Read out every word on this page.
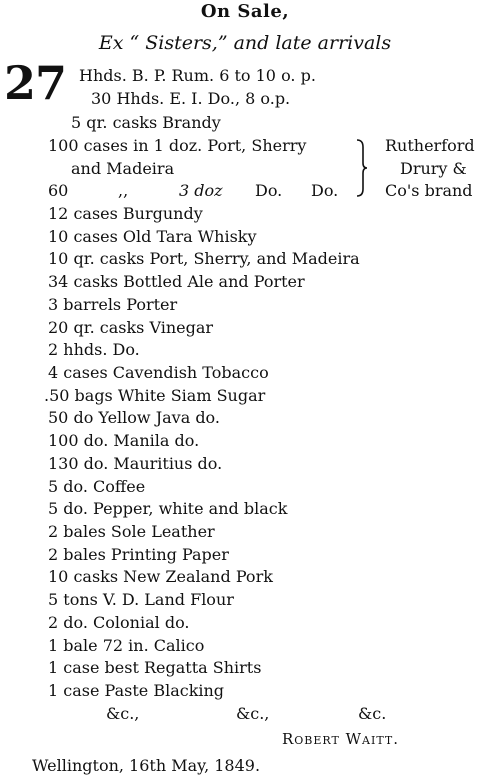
On Sale,
Ex “ Sisters,” and late arrivals
27 Hhds. B. P. Rum. 6 to 10 o. p.
30 Hhds. E. I. Do., 8 o.p.
5 qr. casks Brandy
100 cases in 1 doz. Port, Sherry
and Madeira
60	,,	3 doz Do. Do.
Rutherford
Drury &
Co's brand
12 cases Burgundy
10 cases Old Tara Whisky
10 qr. casks Port, Sherry, and Madeira
34 casks Bottled Ale and Porter
3 barrels Porter
20 qr. casks Vinegar
2 hhds. Do.
4 cases Cavendish Tobacco
.50 bags White Siam Sugar
50 do Yellow Java do.
100 do. Manila do.
130 do. Mauritius do.
5 do. Coffee
5 do. Pepper, white and black
2 bales Sole Leather
2 bales Printing Paper
10 casks New Zealand Pork
5 tons V. D. Land Flour
2 do. Colonial do.
1 bale 72 in. Calico
1 case best Regatta Shirts
1 case Paste Blacking
&c.,	&c.,	&c.
Robert Waitt.
Wellington, 16th May, 1849.
